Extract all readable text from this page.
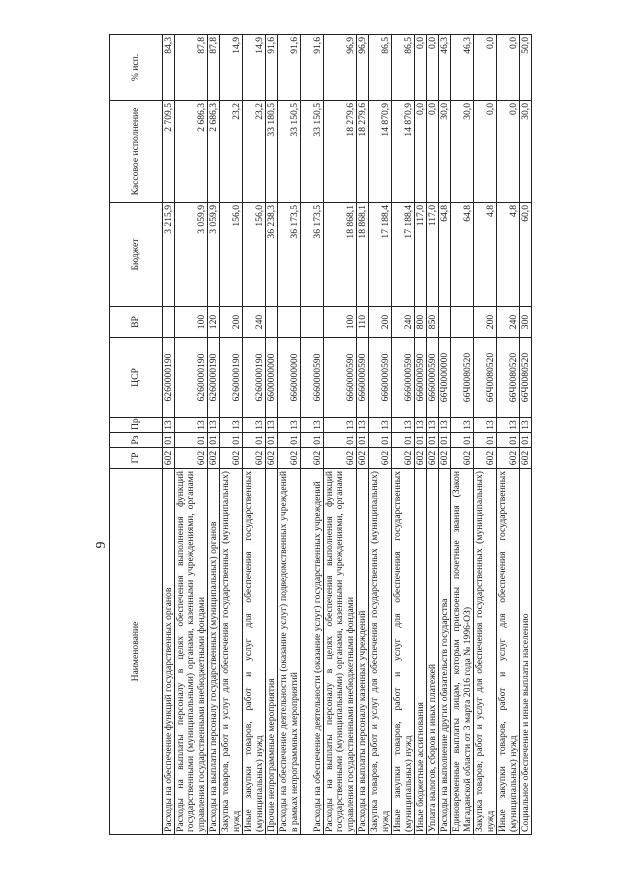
9
Наименование	ГР	Рз	Пр	ЦСР	ВР	Бюджет	Кассовое исполнение	% исп.
Расходы на обеспечение функций государственных органов	602	01	13	6260000190		3 215,9	2 709,5	84,3
Расходы на выплаты персоналу в целях обеспечения выполнения функций государственными (муниципальными) органами, казенными учреждениями, органами управления государственными внебюджетными фондами	602	01	13	6260000190	100	3 059,9	2 686,3	87,8
Расходы на выплаты персоналу государственных (муниципальных) органов	602	01	13	6260000190	120	3 059,9	2 686,3	87,8
Закупка товаров, работ и услуг для обеспечения государственных (муниципальных) нужд	602	01	13	6260000190	200	156,0	23,2	14,9
Иные закупки товаров, работ и услуг для обеспечения государственных (муниципальных) нужд	602	01	13	6260000190	240	156,0	23,2	14,9
Прочие непрограммные мероприятия	602	01	13	6600000000		36 238,3	33 180,5	91,6
Расходы на обеспечение деятельности (оказание услуг) подведомственных учреждений в рамках непрограммных мероприятий	602	01	13	6660000000		36 173,5	33 150,5	91,6
Расходы на обеспечение деятельности (оказание услуг) государственных учреждений	602	01	13	6660000590		36 173,5	33 150,5	91,6
Расходы на выплаты персоналу в целях обеспечения выполнения функций государственными (муниципальными) органами, казенными учреждениями, органами управления государственными внебюджетными фондами	602	01	13	6660000590	100	18 868,1	18 279,6	96,9
Расходы на выплаты персоналу казенных учреждений	602	01	13	6660000590	110	18 868,1	18 279,6	96,9
Закупка товаров, работ и услуг для обеспечения государственных (муниципальных) нужд	602	01	13	6660000590	200	17 188,4	14 870,9	86,5
Иные закупки товаров, работ и услуг для обеспечения государственных (муниципальных) нужд	602	01	13	6660000590	240	17 188,4	14 870,9	86,5
Иные бюджетные ассигнования	602	01	13	6660000590	800	117,0	0,0	0,0
Уплата налогов, сборов и иных платежей	602	01	13	6660000590	850	117,0	0,0	0,0
Расходы на выполнение других обязательств государства	602	01	13	66Ч0000000		64,8	30,0	46,3
Единовременные выплаты лицам, которым присвоены почетные звания (Закон Магаданской области от 3 марта 2016 года № 1996-ОЗ)	602	01	13	66Ч0080520		64,8	30,0	46,3
Закупка товаров, работ и услуг для обеспечения государственных (муниципальных) нужд	602	01	13	66Ч0080520	200	4,8	0,0	0,0
Иные закупки товаров, работ и услуг для обеспечения государственных (муниципальных) нужд	602	01	13	66Ч0080520	240	4,8	0,0	0,0
Социальное обеспечение и иные выплаты населению	602	01	13	66Ч0080520	300	60,0	30,0	50,0
